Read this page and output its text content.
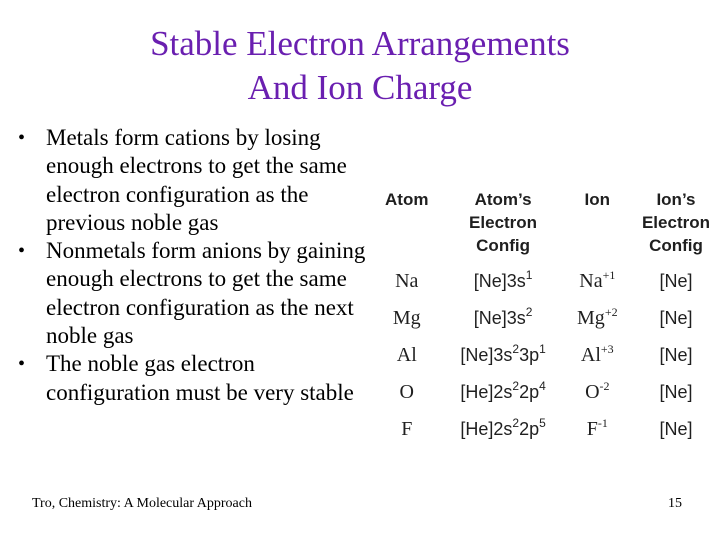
Stable Electron Arrangements
And Ion Charge
• Metals form cations by losing enough electrons to get the same electron configuration as the previous noble gas
• Nonmetals form anions by gaining enough electrons to get the same electron configuration as the next noble gas
• The noble gas electron configuration must be very stable
Atom	Atom’s Electron Config	Ion	Ion’s Electron Config
Na	$[Ne]3s^1$	$Na^{+1}$	[Ne]
Mg	$[Ne]3s^2$	$Mg^{+2}$	[Ne]
Al	$[Ne]3s^23p^1$	$Al^{+3}$	[Ne]
O	$[He]2s^22p^4$	$O^{-2}$	[Ne]
F	$[He]2s^22p^5$	$F^{-1}$	[Ne]
Tro, Chemistry: A Molecular Approach	15
